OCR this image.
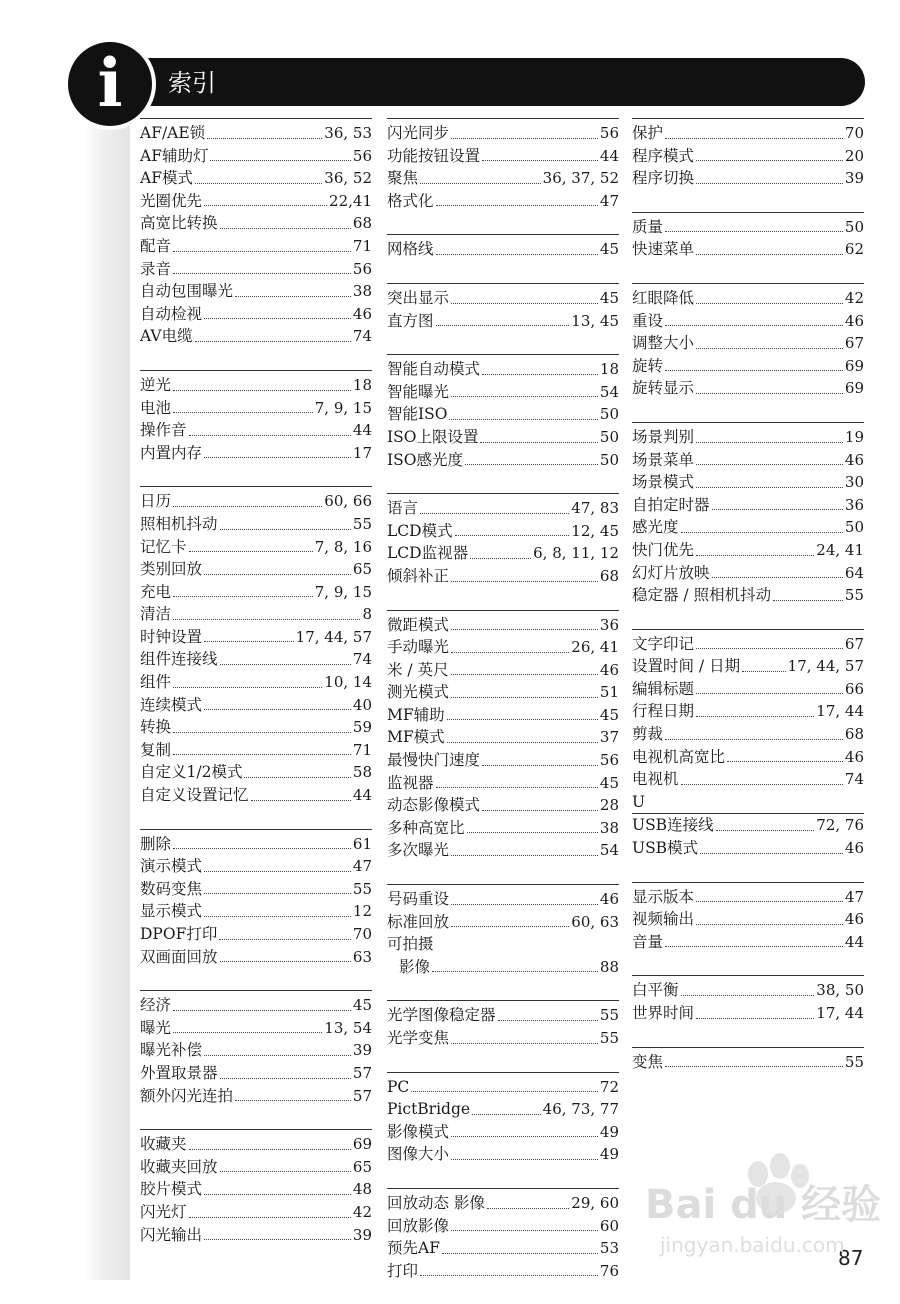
i	索引
AF/AE锁	36, 53
AF辅助灯	56
AF模式	36, 52
光圈优先	22,41
高宽比转换	68
配音	71
录音	56
自动包围曝光	38
自动检视	46
AV电缆	74
逆光	18
电池	7, 9, 15
操作音	44
内置内存	17
日历	60, 66
照相机抖动	55
记忆卡	7, 8, 16
类别回放	65
充电	7, 9, 15
清洁	8
时钟设置	17, 44, 57
组件连接线	74
组件	10, 14
连续模式	40
转换	59
复制	71
自定义1/2模式	58
自定义设置记忆	44
删除	61
演示模式	47
数码变焦	55
显示模式	12
DPOF打印	70
双画面回放	63
经济	45
曝光	13, 54
曝光补偿	39
外置取景器	57
额外闪光连拍	57
收藏夹	69
收藏夹回放	65
胶片模式	48
闪光灯	42
闪光输出	39
闪光同步	56
功能按钮设置	44
聚焦	36, 37, 52
格式化	47
网格线	45
突出显示	45
直方图	13, 45
智能自动模式	18
智能曝光	54
智能ISO	50
ISO上限设置	50
ISO感光度	50
语言	47, 83
LCD模式	12, 45
LCD监视器	6, 8, 11, 12
倾斜补正	68
微距模式	36
手动曝光	26, 41
米 / 英尺	46
测光模式	51
MF辅助	45
MF模式	37
最慢快门速度	56
监视器	45
动态影像模式	28
多种高宽比	38
多次曝光	54
号码重设	46
标准回放	60, 63
可拍摄
影像	88
光学图像稳定器	55
光学变焦	55
PC	72
PictBridge	46, 73, 77
影像模式	49
图像大小	49
回放动态 影像	29, 60
回放影像	60
预先AF	53
打印	76
保护	70
程序模式	20
程序切换	39
质量	50
快速菜单	62
红眼降低	42
重设	46
调整大小	67
旋转	69
旋转显示	69
场景判别	19
场景菜单	46
场景模式	30
自拍定时器	36
感光度	50
快门优先	24, 41
幻灯片放映	64
稳定器 / 照相机抖动	55
文字印记	67
设置时间 / 日期	17, 44, 57
编辑标题	66
行程日期	17, 44
剪裁	68
电视机高宽比	46
电视机	74
U
USB连接线	72, 76
USB模式	46
显示版本	47
视频输出	46
音量	44
白平衡	38, 50
世界时间	17, 44
变焦	55
87
Bai du 经验
jingyan.baidu.com
